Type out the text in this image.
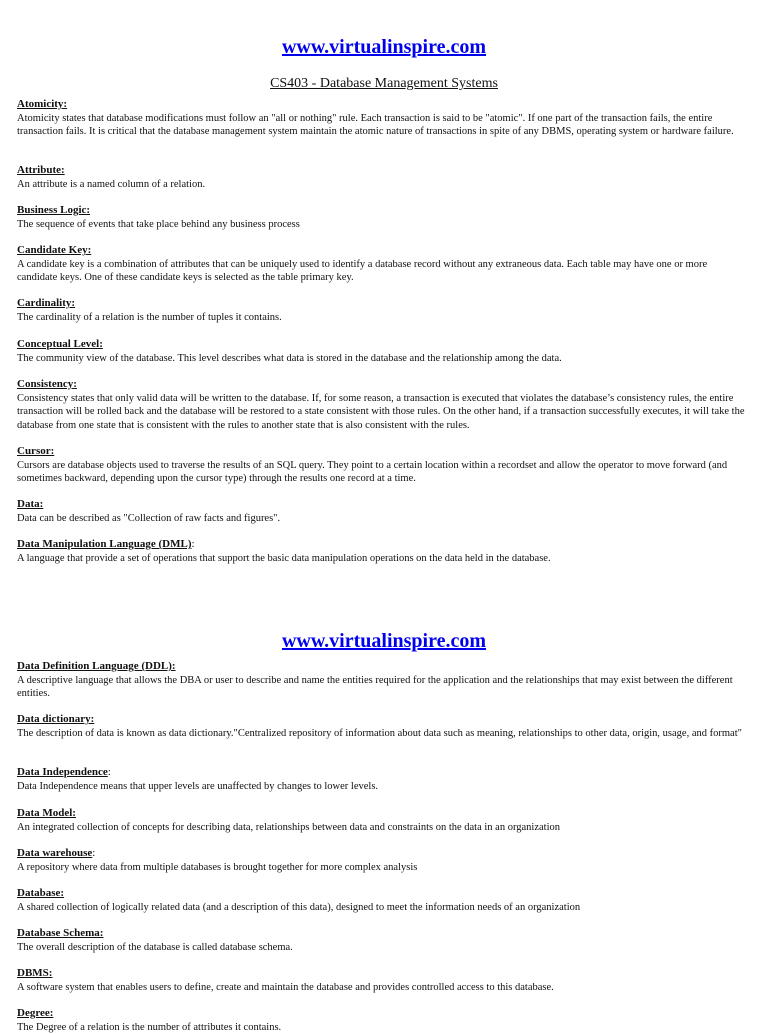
www.virtualinspire.com
CS403 - Database Management Systems
Atomicity:

Atomicity states that database modifications must follow an "all or nothing" rule. Each transaction is said to be "atomic". If one part of the transaction fails, the entire transaction fails. It is critical that the database management system maintain the atomic nature of transactions in spite of any DBMS, operating system or hardware failure.

Attribute:

An attribute is a named column of a relation.

Business Logic:

The sequence of events that take place behind any business process

Candidate Key:

A candidate key is a combination of attributes that can be uniquely used to identify a database record without any extraneous data. Each table may have one or more candidate keys. One of these candidate keys is selected as the table primary key.

Cardinality:

The cardinality of a relation is the number of tuples it contains.

Conceptual Level:

The community view of the database. This level describes what data is stored in the database and the relationship among the data.

Consistency:

Consistency states that only valid data will be written to the database. If, for some reason, a transaction is executed that violates the database’s consistency rules, the entire transaction will be rolled back and the database will be restored to a state consistent with those rules. On the other hand, if a transaction successfully executes, it will take the database from one state that is consistent with the rules to another state that is also consistent with the rules.

Cursor:

Cursors are database objects used to traverse the results of an SQL query. They point to a certain location within a recordset and allow the operator to move forward (and sometimes backward, depending upon the cursor type) through the results one record at a time.

Data:

Data can be described as "Collection of raw facts and figures".

Data Manipulation Language (DML):

A language that provide a set of operations that support the basic data manipulation operations on the data held in the database.

www.virtualinspire.com
Data Definition Language (DDL):

A descriptive language that allows the DBA or user to describe and name the entities required for the application and the relationships that may exist between the different entities.

Data dictionary:

The description of data is known as data dictionary."Centralized repository of information about data such as meaning, relationships to other data, origin, usage, and format"

Data Independence:

Data Independence means that upper levels are unaffected by changes to lower levels.

Data Model:

An integrated collection of concepts for describing data, relationships between data and constraints on the data in an organization

Data warehouse:

A repository where data from multiple databases is brought together for more complex analysis

Database:

A shared collection of logically related data (and a description of this data), designed to meet the information needs of an organization

Database Schema:

The overall description of the database is called database schema.

DBMS:

A software system that enables users to define, create and maintain the database and provides controlled access to this database.

Degree:

The Degree of a relation is the number of attributes it contains.
